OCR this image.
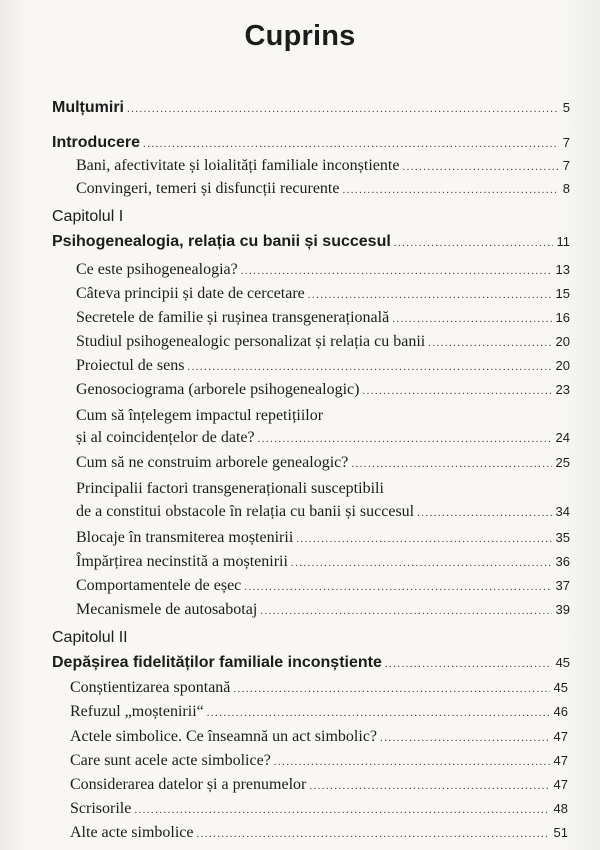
Cuprins
Mulțumiri .....	5
Introducere .....	7
Bani, afectivitate și loialități familiale inconștiente .....	7
Convingeri, temeri și disfuncții recurente .....	8
Capitolul I
Psihogenealogia, relația cu banii și succesul .....	11
Ce este psihogenealogia? .....	13
Câteva principii și date de cercetare .....	15
Secretele de familie și rușinea transgenerațională .....	16
Studiul psihogenealogic personalizat și relația cu banii .....	20
Proiectul de sens .....	20
Genosociograma (arborele psihogenealogic) .....	23
Cum să înțelegem impactul repetițiilor
și al coincidențelor de date? .....	24
Cum să ne construim arborele genealogic? .....	25
Principalii factori transgeneraționali susceptibili
de a constitui obstacole în relația cu banii și succesul .....	34
Blocaje în transmiterea moștenirii .....	35
Împărțirea necinstită a moștenirii .....	36
Comportamentele de eșec .....	37
Mecanismele de autosabotaj .....	39
Capitolul II
Depășirea fidelităților familiale inconștiente .....	45
Conștientizarea spontană .....	45
Refuzul „moștenirii“ .....	46
Actele simbolice. Ce înseamnă un act simbolic? .....	47
Care sunt acele acte simbolice? .....	47
Considerarea datelor și a prenumelor .....	47
Scrisorile .....	48
Alte acte simbolice .....	51
